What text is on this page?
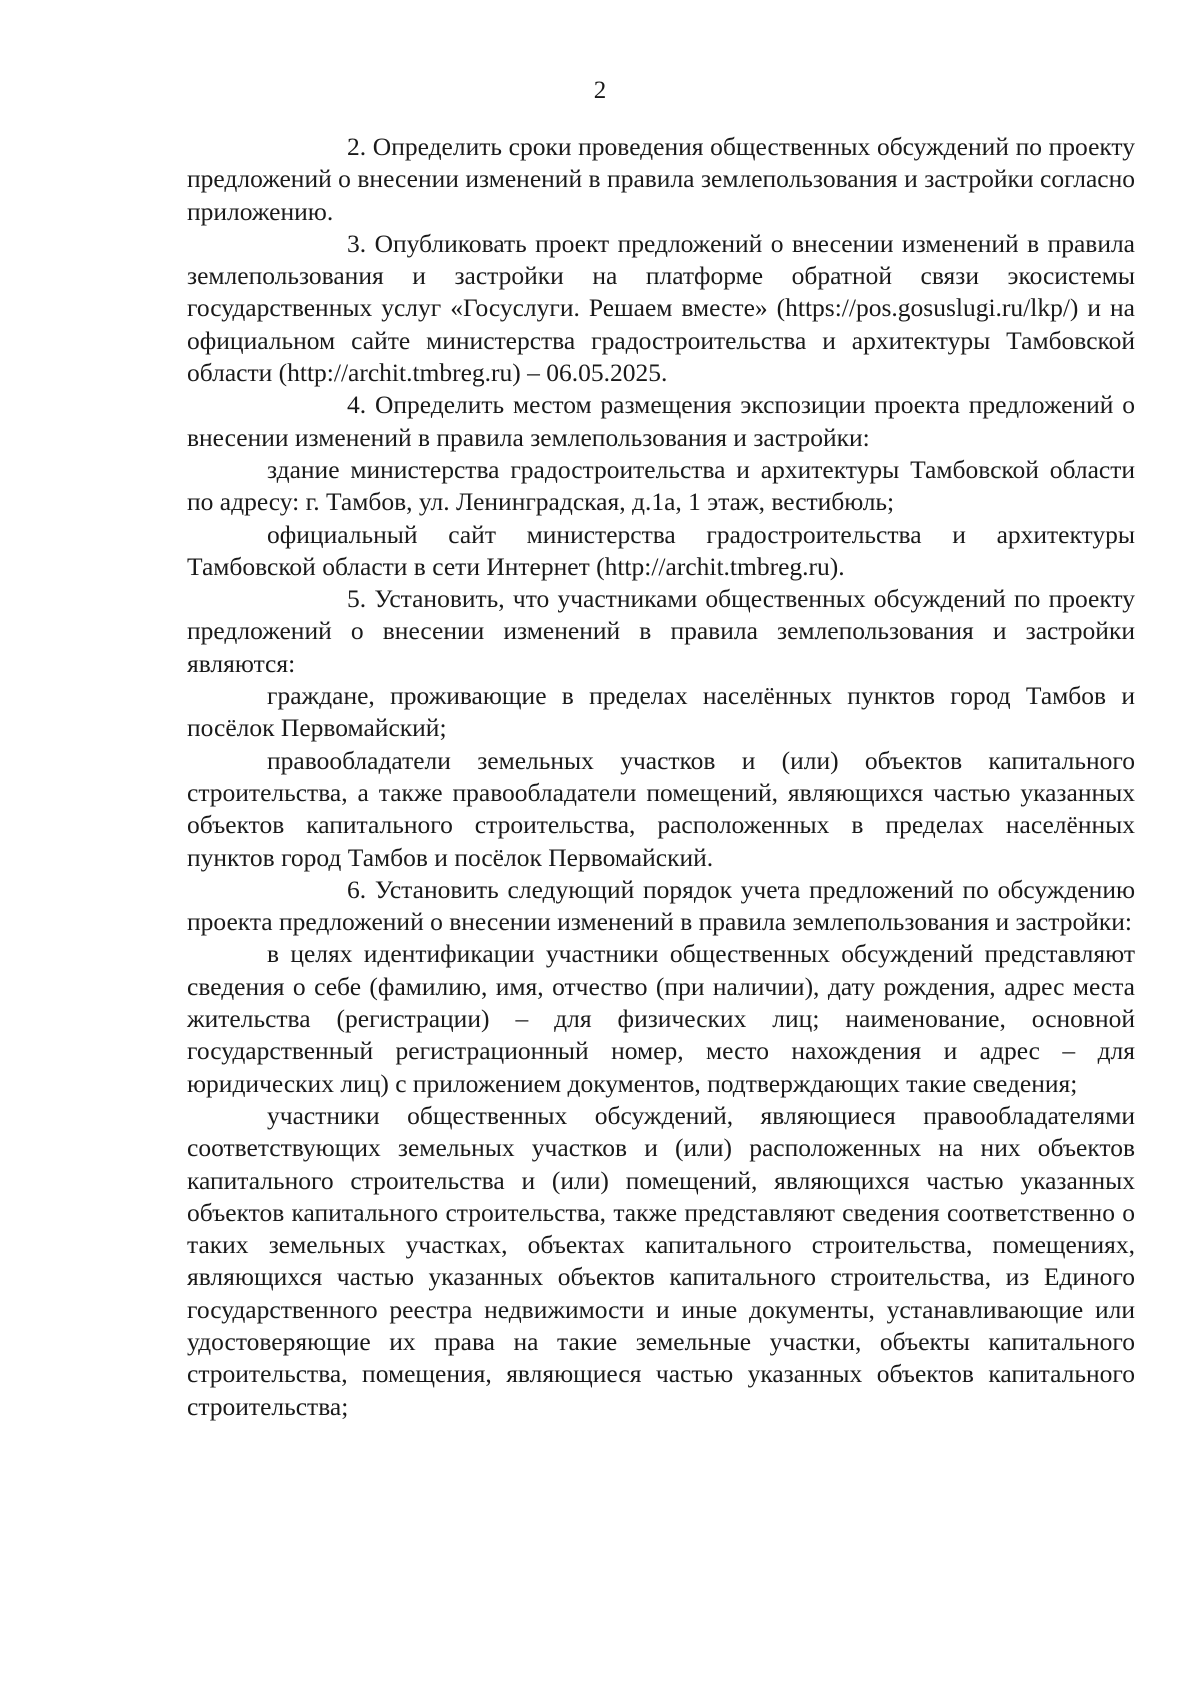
2

2. Определить сроки проведения общественных обсуждений по проекту предложений о внесении изменений в правила землепользования и застройки согласно приложению.

3. Опубликовать проект предложений о внесении изменений в правила землепользования и застройки на платформе обратной связи экосистемы государственных услуг «Госуслуги. Решаем вместе» (https://pos.gosuslugi.ru/lkp/) и на официальном сайте министерства градостроительства и архитектуры Тамбовской области (http://archit.tmbreg.ru) – 06.05.2025.

4. Определить местом размещения экспозиции проекта предложений о внесении изменений в правила землепользования и застройки:

здание министерства градостроительства и архитектуры Тамбовской области по адресу: г. Тамбов, ул. Ленинградская, д.1а, 1 этаж, вестибюль;

официальный сайт министерства градостроительства и архитектуры Тамбовской области в сети Интернет (http://archit.tmbreg.ru).

5. Установить, что участниками общественных обсуждений по проекту предложений о внесении изменений в правила землепользования и застройки являются:

граждане, проживающие в пределах населённых пунктов город Тамбов и посёлок Первомайский;

правообладатели земельных участков и (или) объектов капитального строительства, а также правообладатели помещений, являющихся частью указанных объектов капитального строительства, расположенных в пределах населённых пунктов город Тамбов и посёлок Первомайский.

6. Установить следующий порядок учета предложений по обсуждению проекта предложений о внесении изменений в правила землепользования и застройки:

в целях идентификации участники общественных обсуждений представляют сведения о себе (фамилию, имя, отчество (при наличии), дату рождения, адрес места жительства (регистрации) – для физических лиц; наименование, основной государственный регистрационный номер, место нахождения и адрес – для юридических лиц) с приложением документов, подтверждающих такие сведения;

участники общественных обсуждений, являющиеся правообладателями соответствующих земельных участков и (или) расположенных на них объектов капитального строительства и (или) помещений, являющихся частью указанных объектов капитального строительства, также представляют сведения соответственно о таких земельных участках, объектах капитального строительства, помещениях, являющихся частью указанных объектов капитального строительства, из Единого государственного реестра недвижимости и иные документы, устанавливающие или удостоверяющие их права на такие земельные участки, объекты капитального строительства, помещения, являющиеся частью указанных объектов капитального строительства;
